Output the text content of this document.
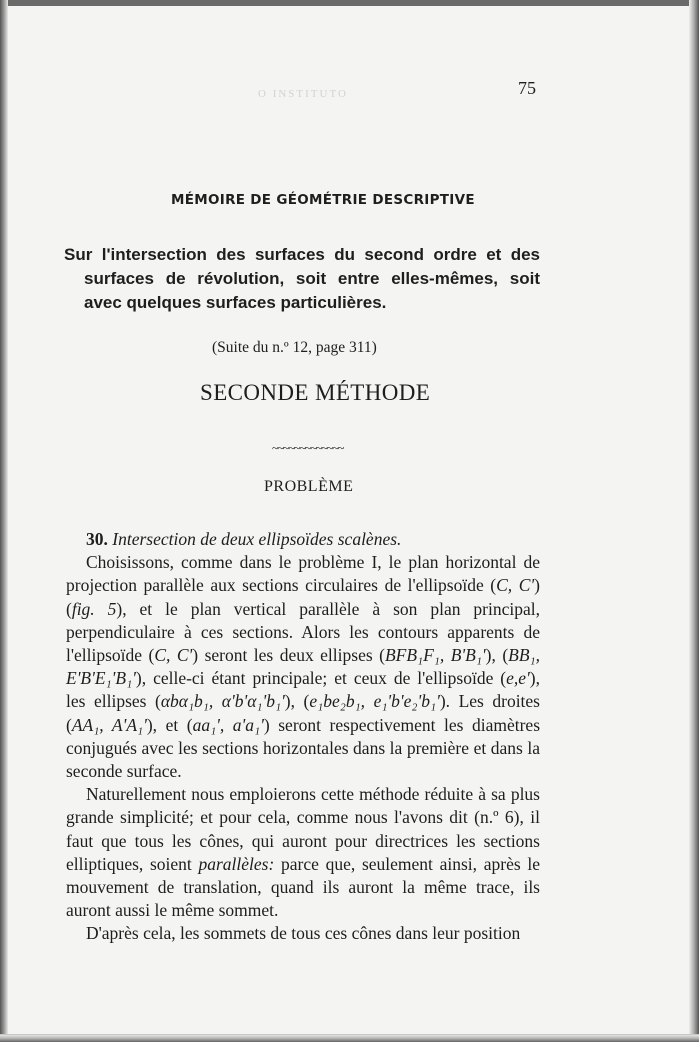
O INSTITUTO	75
MÉMOIRE DE GÉOMÉTRIE DESCRIPTIVE
Sur l'intersection des surfaces du second ordre et des surfaces de révolution, soit entre elles-mêmes, soit avec quelques surfaces particulières.
(Suite du n.º 12, page 311)
SECONDE MÉTHODE
~~~~~~~~~~~~~
PROBLÈME

30. Intersection de deux ellipsoïdes scalènes.

Choisissons, comme dans le problème I, le plan horizontal de projection parallèle aux sections circulaires de l'ellipsoïde (C, C') (fig. 5), et le plan vertical parallèle à son plan principal, perpendiculaire à ces sections. Alors les contours apparents de l'ellipsoïde (C, C') seront les deux ellipses (BFB₁F₁, B'B₁'), (BB₁, E'B'E₁'B₁'), celle-ci étant principale; et ceux de l'ellipsoïde (e,e'), les ellipses (αbα₁b₁, α'b'α₁'b₁'), (e₁be₂b₁, e₁'b'e₂'b₁'). Les droites (AA₁, A'A₁'), et (aa₁', a'a₁') seront respectivement les diamètres conjugués avec les sections horizontales dans la première et dans la seconde surface.

Naturellement nous emploierons cette méthode réduite à sa plus grande simplicité; et pour cela, comme nous l'avons dit (n.º 6), il faut que tous les cônes, qui auront pour directrices les sections elliptiques, soient parallèles: parce que, seulement ainsi, après le mouvement de translation, quand ils auront la même trace, ils auront aussi le même sommet.

D'après cela, les sommets de tous ces cônes dans leur position
